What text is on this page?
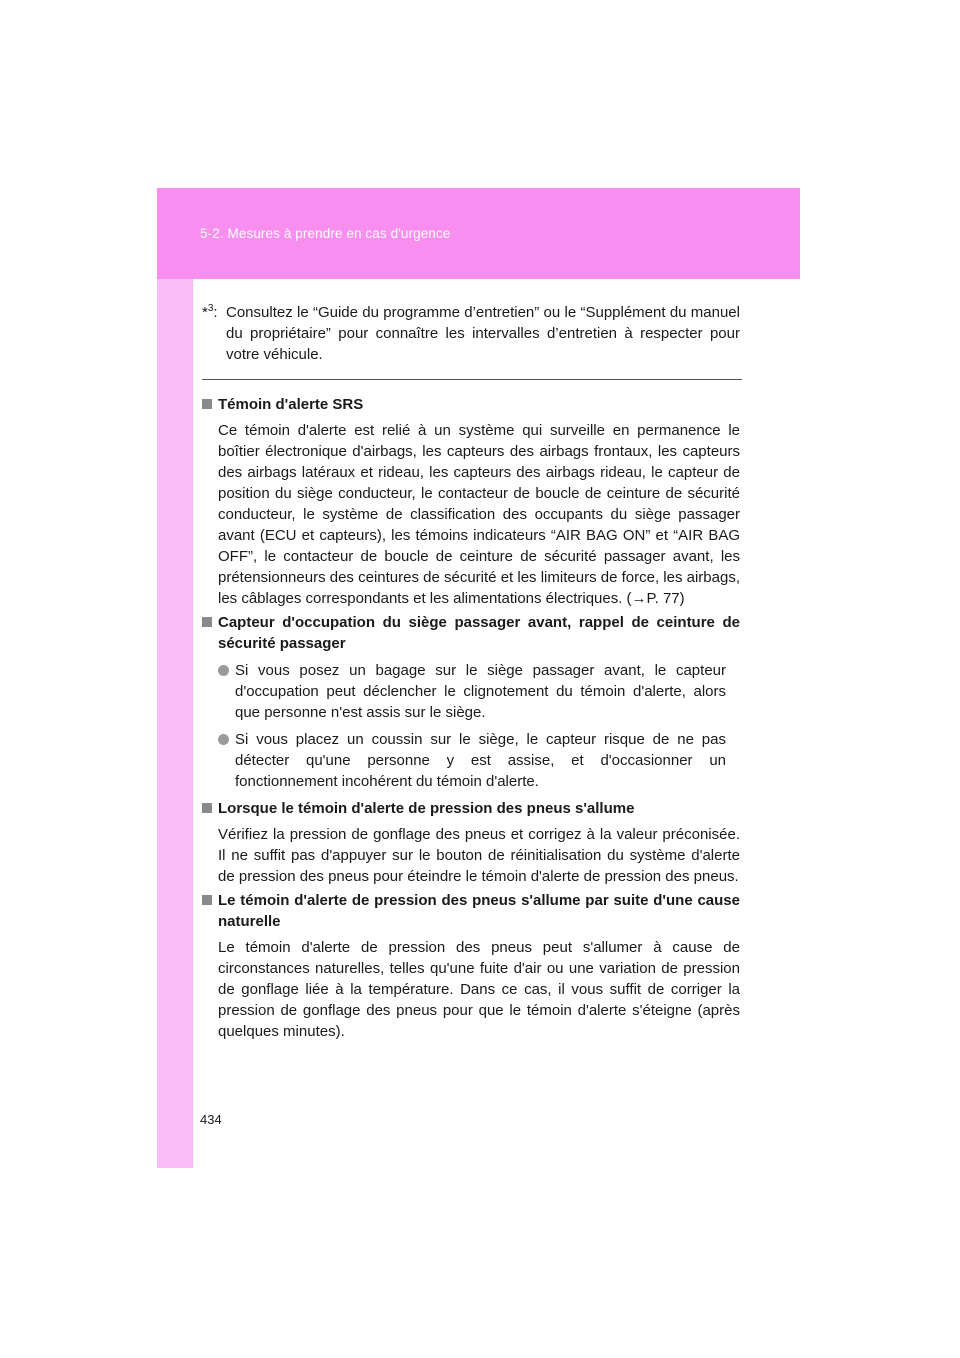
5-2. Mesures à prendre en cas d'urgence
*$^3$: Consultez le “Guide du programme d’entretien” ou le “Supplément du manuel du propriétaire” pour connaître les intervalles d’entretien à respecter pour votre véhicule.
Témoin d'alerte SRS
Ce témoin d'alerte est relié à un système qui surveille en permanence le boîtier électronique d'airbags, les capteurs des airbags frontaux, les capteurs des airbags latéraux et rideau, les capteurs des airbags rideau, le capteur de position du siège conducteur, le contacteur de boucle de ceinture de sécurité conducteur, le système de classification des occupants du siège passager avant (ECU et capteurs), les témoins indicateurs “AIR BAG ON” et “AIR BAG OFF”, le contacteur de boucle de ceinture de sécurité passager avant, les prétensionneurs des ceintures de sécurité et les limiteurs de force, les airbags, les câblages correspondants et les alimentations électriques. (→P. 77)
Capteur d'occupation du siège passager avant, rappel de ceinture de sécurité passager
Si vous posez un bagage sur le siège passager avant, le capteur d'occupation peut déclencher le clignotement du témoin d'alerte, alors que personne n'est assis sur le siège.
Si vous placez un coussin sur le siège, le capteur risque de ne pas détecter qu'une personne y est assise, et d'occasionner un fonctionnement incohérent du témoin d'alerte.
Lorsque le témoin d'alerte de pression des pneus s'allume
Vérifiez la pression de gonflage des pneus et corrigez à la valeur préconisée. Il ne suffit pas d'appuyer sur le bouton de réinitialisation du système d'alerte de pression des pneus pour éteindre le témoin d'alerte de pression des pneus.
Le témoin d'alerte de pression des pneus s'allume par suite d'une cause naturelle
Le témoin d'alerte de pression des pneus peut s'allumer à cause de circonstances naturelles, telles qu'une fuite d'air ou une variation de pression de gonflage liée à la température. Dans ce cas, il vous suffit de corriger la pression de gonflage des pneus pour que le témoin d'alerte s'éteigne (après quelques minutes).
434
